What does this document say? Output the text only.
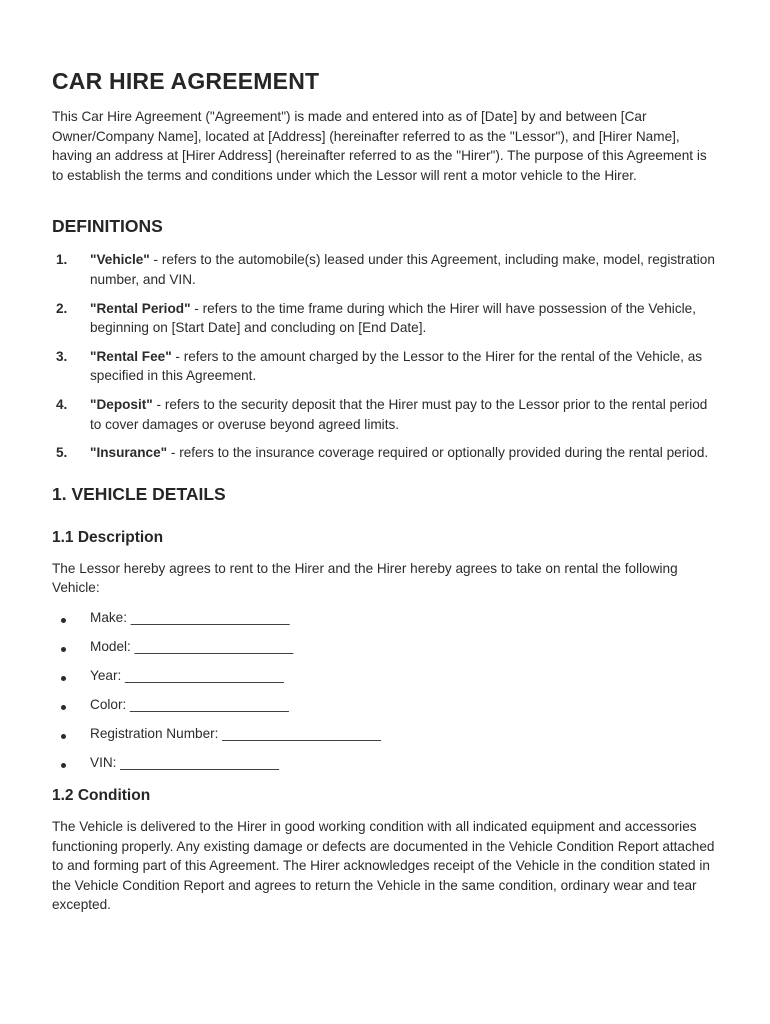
CAR HIRE AGREEMENT

This Car Hire Agreement ("Agreement") is made and entered into as of [Date] by and between [Car Owner/Company Name], located at [Address] (hereinafter referred to as the "Lessor"), and [Hirer Name], having an address at [Hirer Address] (hereinafter referred to as the "Hirer"). The purpose of this Agreement is to establish the terms and conditions under which the Lessor will rent a motor vehicle to the Hirer.

DEFINITIONS
1.	"Vehicle" - refers to the automobile(s) leased under this Agreement, including make, model, registration number, and VIN.
2.	"Rental Period" - refers to the time frame during which the Hirer will have possession of the Vehicle, beginning on [Start Date] and concluding on [End Date].
3.	"Rental Fee" - refers to the amount charged by the Lessor to the Hirer for the rental of the Vehicle, as specified in this Agreement.
4.	"Deposit" - refers to the security deposit that the Hirer must pay to the Lessor prior to the rental period to cover damages or overuse beyond agreed limits.
5.	"Insurance" - refers to the insurance coverage required or optionally provided during the rental period.
1. VEHICLE DETAILS
1.1 Description

The Lessor hereby agrees to rent to the Hirer and the Hirer hereby agrees to take on rental the following Vehicle:

Make: _____________________
Model: _____________________
Year: _____________________
Color: _____________________
Registration Number: _____________________
VIN: _____________________
1.2 Condition

The Vehicle is delivered to the Hirer in good working condition with all indicated equipment and accessories functioning properly. Any existing damage or defects are documented in the Vehicle Condition Report attached to and forming part of this Agreement. The Hirer acknowledges receipt of the Vehicle in the condition stated in the Vehicle Condition Report and agrees to return the Vehicle in the same condition, ordinary wear and tear excepted.
